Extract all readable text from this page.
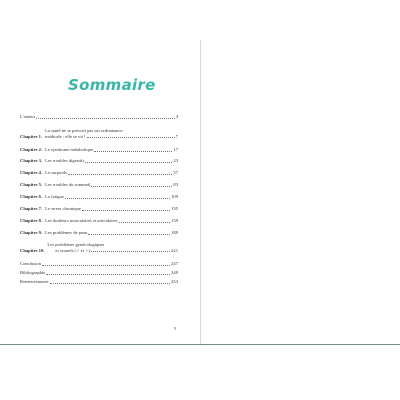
Sommaire
L'auteur	4
Chapitre 1.
La santé ne se prescrit pas sur ordonnance
médicale : elle se vit !	7
Chapitre 2. Le syndrome métabolique	17
Chapitre 3. Les troubles digestifs	23
Chapitre 4. Le surpoids	57
Chapitre 5. Les troubles du sommeil	83
Chapitre 6. La fatigue	109
Chapitre 7. Le stress chronique	135
Chapitre 8. Les douleurs musculaires et articulaires	159
Chapitre 9. Les problèmes de peau	189
Chapitre 10.
Les problèmes gynécologiques
et sexuels (♂ et ♀)	221
Conclusion	247
Bibliographie	249
Remerciements	253
5
